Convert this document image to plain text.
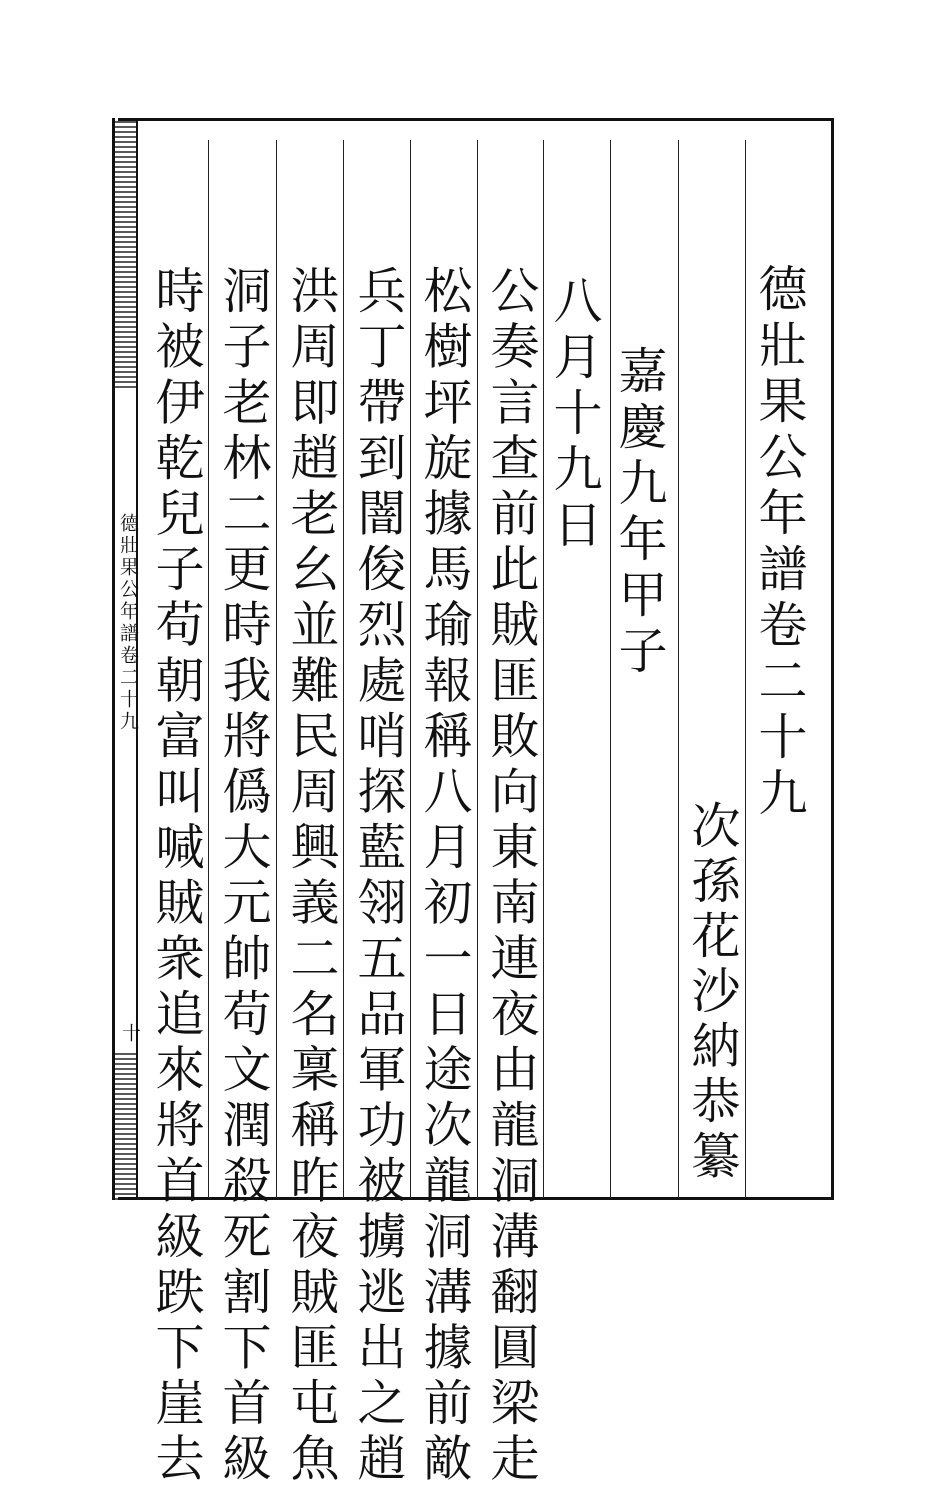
德壯果公年譜卷二十九
十
德壯果公年譜卷二十九
次孫花沙納恭纂
嘉慶九年甲子
八月十九日
公奏言查前此賊匪敗向東南連夜由龍洞溝翻圓梁走
松樹坪旋據馬瑜報稱八月初一日途次龍洞溝據前敵
兵丁帶到闇俊烈處哨探藍翎五品軍功被擄逃出之趙
洪周即趙老幺並難民周興義二名稟稱昨夜賊匪屯魚
洞子老林二更時我將僞大元帥苟文潤殺死割下首級
時被伊乾兒子苟朝富叫喊賊衆追來將首級跌下崖去
